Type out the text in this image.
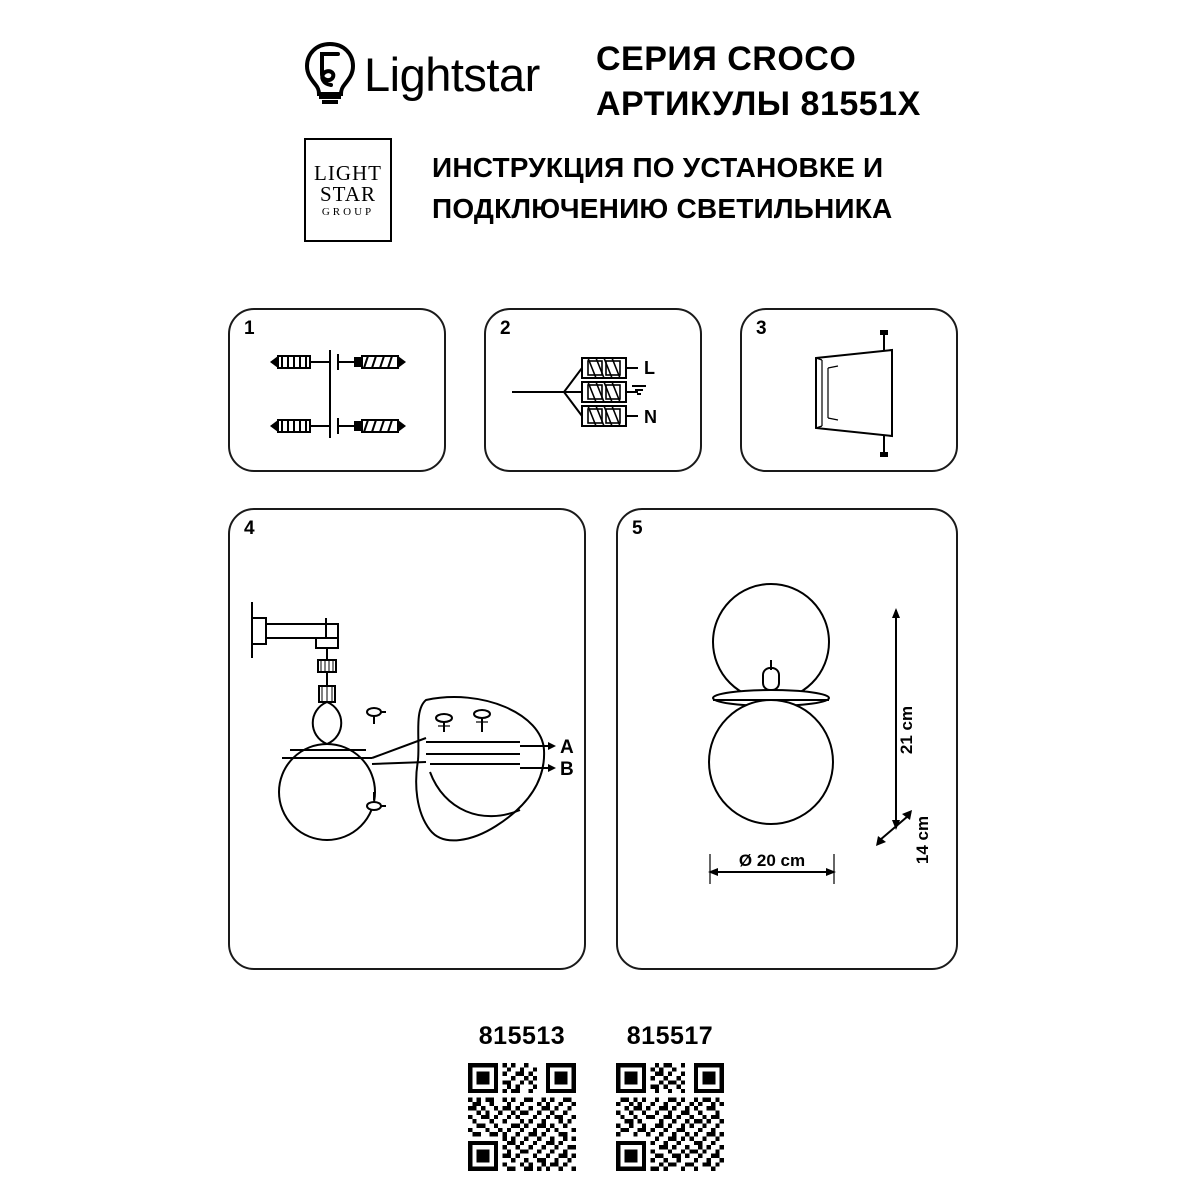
Lightstar СЕРИЯ CROCO
АРТИКУЛЫ 81551X
LIGHT
STAR
GROUP
ИНСТРУКЦИЯ ПО УСТАНОВКЕ И ПОДКЛЮЧЕНИЮ СВЕТИЛЬНИКА
1	2
L
N
3
4
A
B
5
21 cm
14 cm
Ø 20 cm
815513	815517
